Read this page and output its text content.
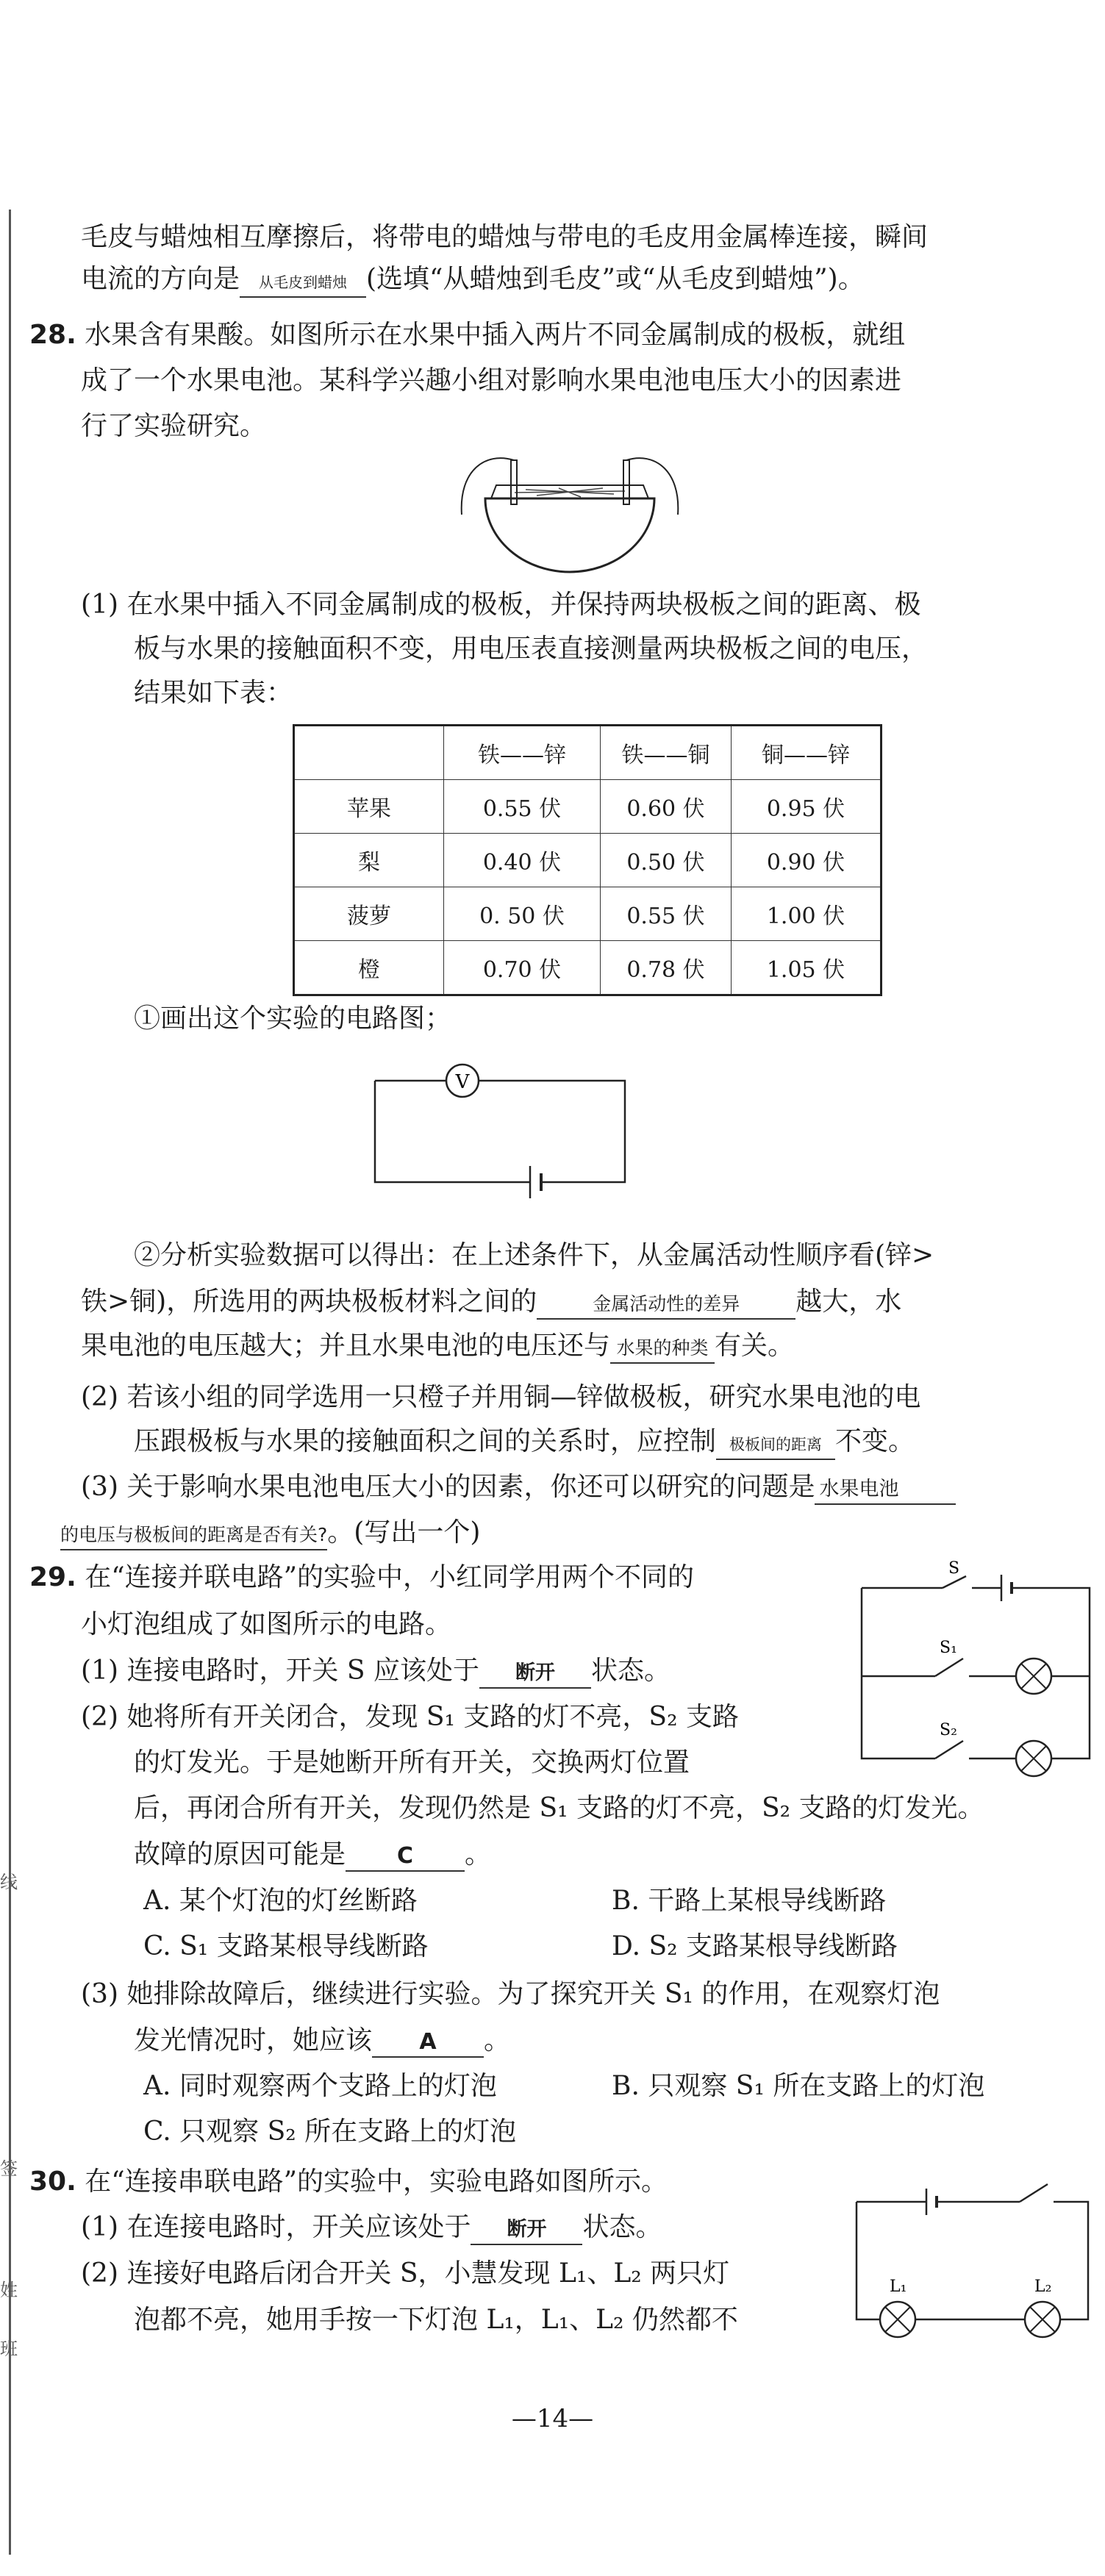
线
签
姓
班
毛皮与蜡烛相互摩擦后，将带电的蜡烛与带电的毛皮用金属棒连接，瞬间
电流的方向是 从毛皮到蜡烛 (选填“从蜡烛到毛皮”或“从毛皮到蜡烛”)。
28. 水果含有果酸。如图所示在水果中插入两片不同金属制成的极板，就组
成了一个水果电池。某科学兴趣小组对影响水果电池电压大小的因素进
行了实验研究。
(1) 在水果中插入不同金属制成的极板，并保持两块极板之间的距离、极
板与水果的接触面积不变，用电压表直接测量两块极板之间的电压，
结果如下表：
	铁——锌	铁——铜	铜——锌
苹果	0.55 伏	0.60 伏	0.95 伏
梨	0.40 伏	0.50 伏	0.90 伏
菠萝	0. 50 伏	0.55 伏	1.00 伏
橙	0.70 伏	0.78 伏	1.05 伏
①画出这个实验的电路图；
V
②分析实验数据可以得出：在上述条件下，从金属活动性顺序看(锌>
铁>铜)，所选用的两块极板材料之间的	金属活动性的差异 越大，水
果电池的电压越大；并且水果电池的电压还与 水果的种类 有关。
(2) 若该小组的同学选用一只橙子并用铜—锌做极板，研究水果电池的电
压跟极板与水果的接触面积之间的关系时，应控制 极板间的距离 不变。
(3) 关于影响水果电池电压大小的因素，你还可以研究的问题是 水果电池
的电压与极板间的距离是否有关?。(写出一个)
29. 在“连接并联电路”的实验中，小红同学用两个不同的
小灯泡组成了如图所示的电路。
(1) 连接电路时，开关 S 应该处于 断开 状态。
(2) 她将所有开关闭合，发现 S₁ 支路的灯不亮，S₂ 支路
的灯发光。于是她断开所有开关，交换两灯位置
后，再闭合所有开关，发现仍然是 S₁ 支路的灯不亮，S₂ 支路的灯发光。
故障的原因可能是 C 。
A. 某个灯泡的灯丝断路	B. 干路上某根导线断路
C. S₁ 支路某根导线断路	D. S₂ 支路某根导线断路
(3) 她排除故障后，继续进行实验。为了探究开关 S₁ 的作用，在观察灯泡
发光情况时，她应该 A 。
A. 同时观察两个支路上的灯泡	B. 只观察 S₁ 所在支路上的灯泡
C. 只观察 S₂ 所在支路上的灯泡
S
S₁
S₂
30. 在“连接串联电路”的实验中，实验电路如图所示。
(1) 在连接电路时，开关应该处于 断开 状态。
(2) 连接好电路后闭合开关 S，小慧发现 L₁、L₂ 两只灯
泡都不亮，她用手按一下灯泡 L₁，L₁、L₂ 仍然都不
L₁	L₂
—14—
